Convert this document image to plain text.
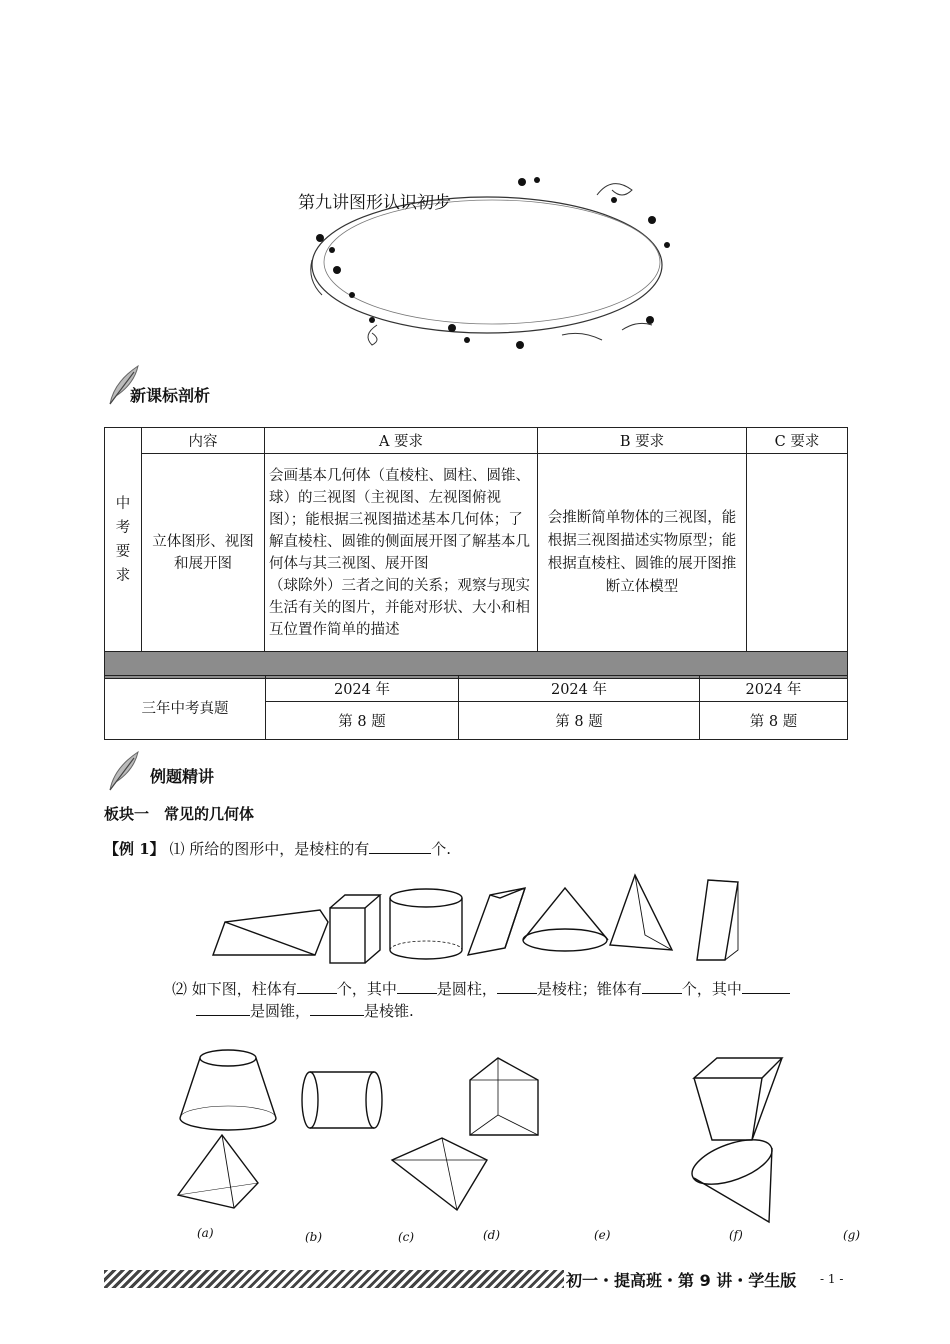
第九讲图形认识初步
新课标剖析
中
考
要
求	内容	A 要求	B 要求	C 要求
	立体图形、视图和展开图	会画基本几何体（直棱柱、圆柱、圆锥、球）的三视图（主视图、左视图俯视图）；能根据三视图描述基本几何体；了解直棱柱、圆锥的侧面展开图了解基本几何体与其三视图、展开图
（球除外）三者之间的关系；观察与现实生活有关的图片，并能对形状、大小和相互位置作简单的描述	会推断简单物体的三视图，能根据三视图描述实物原型；能根据直棱柱、圆锥的展开图推断立体模型	

三年中考真题	2024 年	2024 年	2024 年
	第 8 题	第 8 题	第 8 题
例题精讲
板块一　常见的几何体
【例 1】 ⑴ 所给的图形中，是棱柱的有	个.
⑵ 如下图，柱体有	个，其中	是圆柱，	是棱柱；锥体有	个，其中
是圆锥，	是棱锥.
(a)	(b)	(c)	(d)	(e)	(f)	(g)
初一・提高班・第 9 讲・学生版 - 1 -
